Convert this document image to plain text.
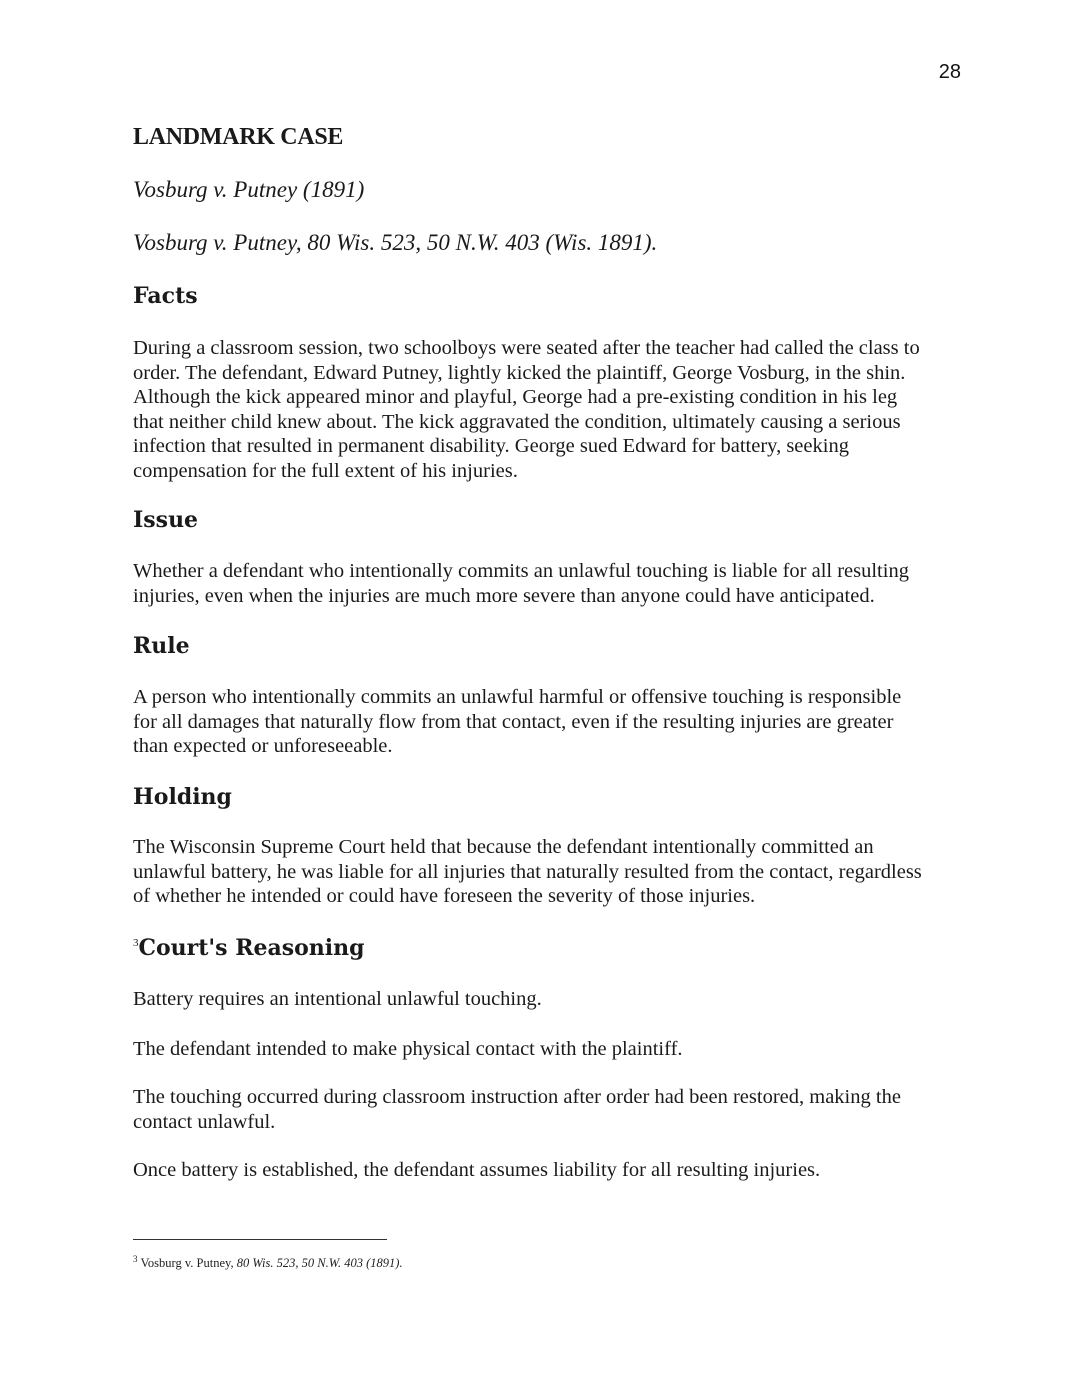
28

LANDMARK CASE

Vosburg v. Putney (1891)

Vosburg v. Putney, 80 Wis. 523, 50 N.W. 403 (Wis. 1891).

Facts
During a classroom session, two schoolboys were seated after the teacher had called the class to
order. The defendant, Edward Putney, lightly kicked the plaintiff, George Vosburg, in the shin.
Although the kick appeared minor and playful, George had a pre-existing condition in his leg
that neither child knew about. The kick aggravated the condition, ultimately causing a serious
infection that resulted in permanent disability. George sued Edward for battery, seeking
compensation for the full extent of his injuries.
Issue
Whether a defendant who intentionally commits an unlawful touching is liable for all resulting
injuries, even when the injuries are much more severe than anyone could have anticipated.
Rule
A person who intentionally commits an unlawful harmful or offensive touching is responsible
for all damages that naturally flow from that contact, even if the resulting injuries are greater
than expected or unforeseeable.
Holding
The Wisconsin Supreme Court held that because the defendant intentionally committed an
unlawful battery, he was liable for all injuries that naturally resulted from the contact, regardless
of whether he intended or could have foreseen the severity of those injuries.
$^3$Court's Reasoning

Battery requires an intentional unlawful touching.

The defendant intended to make physical contact with the plaintiff.

The touching occurred during classroom instruction after order had been restored, making the
contact unlawful.

Once battery is established, the defendant assumes liability for all resulting injuries.

$^3$ Vosburg v. Putney, 80 Wis. 523, 50 N.W. 403 (1891).
